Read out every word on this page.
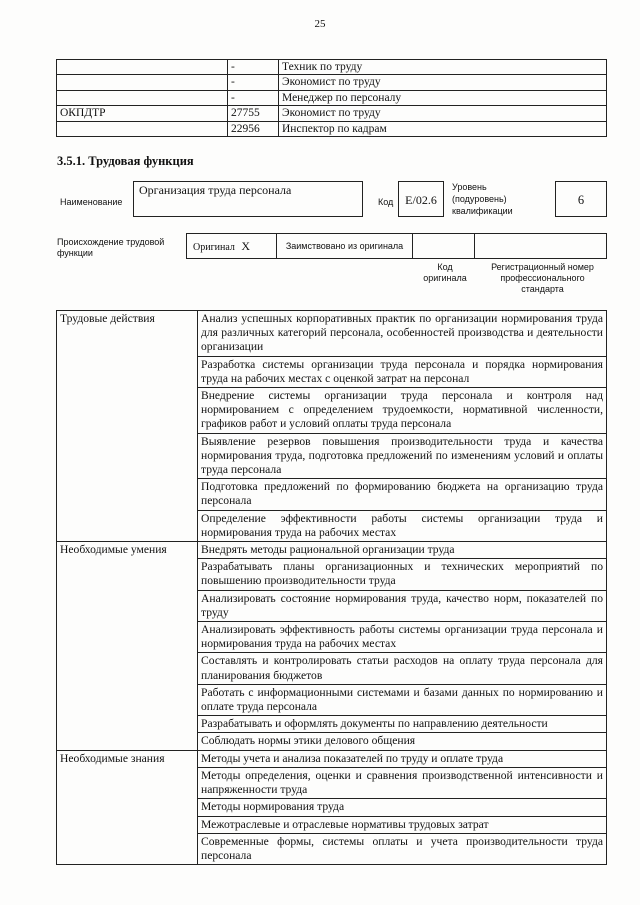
25
	-	Техник по труду
	-	Экономист по труду
	-	Менеджер по персоналу
ОКПДТР	27755	Экономист по труду
	22956	Инспектор по кадрам
3.5.1. Трудовая функция
Наименование
Организация труда персонала
Код E/02.6
Уровень
(подуровень)
квалификации
6
Происхождение трудовой
функции	Оригинал X	Заимствовано из оригинала
Код
оригинала
Регистрационный номер
профессионального
стандарта
Трудовые действия	Анализ успешных корпоративных практик по организации нормирования труда для различных категорий персонала, особенностей производства и деятельности организации
	Разработка системы организации труда персонала и порядка нормирования труда на рабочих местах с оценкой затрат на персонал
	Внедрение системы организации труда персонала и контроля над нормированием с определением трудоемкости, нормативной численности, графиков работ и условий оплаты труда персонала
	Выявление резервов повышения производительности труда и качества нормирования труда, подготовка предложений по изменениям условий и оплаты труда персонала
	Подготовка предложений по формированию бюджета на организацию труда персонала
	Определение эффективности работы системы организации труда и нормирования труда на рабочих местах
Необходимые умения	Внедрять методы рациональной организации труда
	Разрабатывать планы организационных и технических мероприятий по повышению производительности труда
	Анализировать состояние нормирования труда, качество норм, показателей по труду
	Анализировать эффективность работы системы организации труда персонала и нормирования труда на рабочих местах
	Составлять и контролировать статьи расходов на оплату труда персонала для планирования бюджетов
	Работать с информационными системами и базами данных по нормированию и оплате труда персонала
	Разрабатывать и оформлять документы по направлению деятельности
	Соблюдать нормы этики делового общения
Необходимые знания	Методы учета и анализа показателей по труду и оплате труда
	Методы определения, оценки и сравнения производственной интенсивности и напряженности труда
	Методы нормирования труда
	Межотраслевые и отраслевые нормативы трудовых затрат
	Современные формы, системы оплаты и учета производительности труда персонала
